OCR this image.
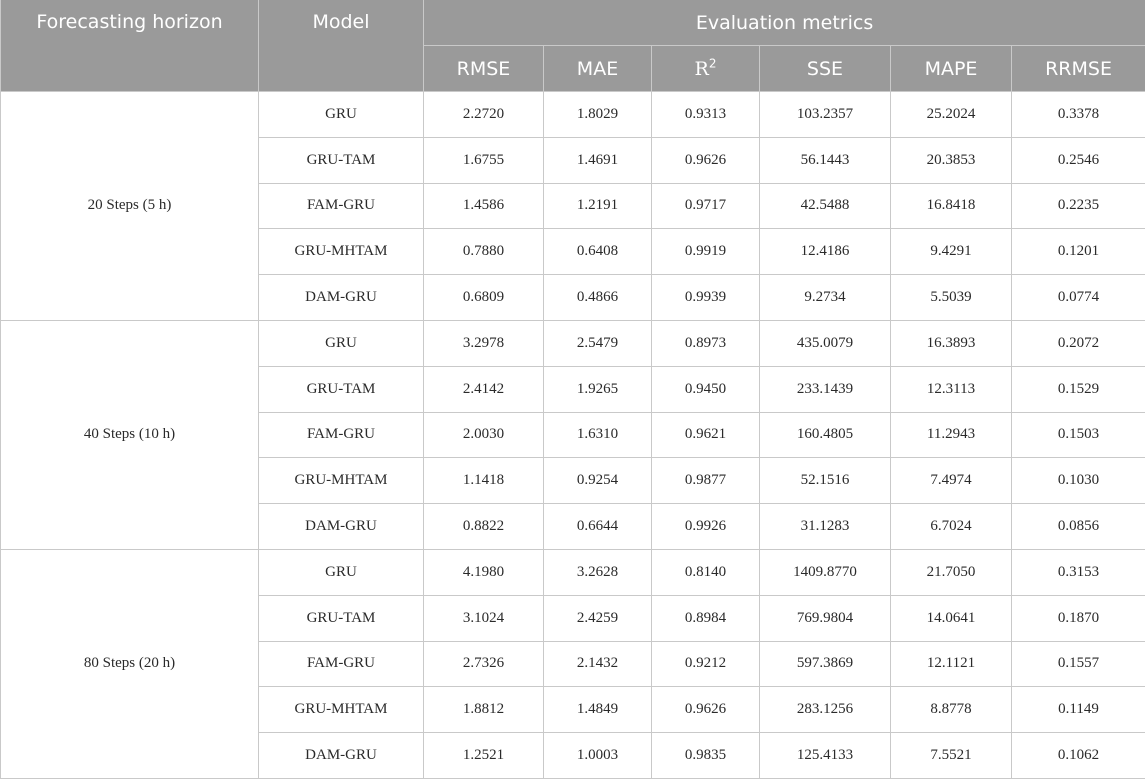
Forecasting horizon	Model	Evaluation metrics					
		RMSE	MAE	$R^2$	SSE	MAPE	RRMSE
20 Steps (5 h)	GRU	2.2720	1.8029	0.9313	103.2357	25.2024	0.3378
	GRU-TAM	1.6755	1.4691	0.9626	56.1443	20.3853	0.2546
	FAM-GRU	1.4586	1.2191	0.9717	42.5488	16.8418	0.2235
	GRU-MHTAM	0.7880	0.6408	0.9919	12.4186	9.4291	0.1201
	DAM-GRU	0.6809	0.4866	0.9939	9.2734	5.5039	0.0774
40 Steps (10 h)	GRU	3.2978	2.5479	0.8973	435.0079	16.3893	0.2072
	GRU-TAM	2.4142	1.9265	0.9450	233.1439	12.3113	0.1529
	FAM-GRU	2.0030	1.6310	0.9621	160.4805	11.2943	0.1503
	GRU-MHTAM	1.1418	0.9254	0.9877	52.1516	7.4974	0.1030
	DAM-GRU	0.8822	0.6644	0.9926	31.1283	6.7024	0.0856
80 Steps (20 h)	GRU	4.1980	3.2628	0.8140	1409.8770	21.7050	0.3153
	GRU-TAM	3.1024	2.4259	0.8984	769.9804	14.0641	0.1870
	FAM-GRU	2.7326	2.1432	0.9212	597.3869	12.1121	0.1557
	GRU-MHTAM	1.8812	1.4849	0.9626	283.1256	8.8778	0.1149
	DAM-GRU	1.2521	1.0003	0.9835	125.4133	7.5521	0.1062
